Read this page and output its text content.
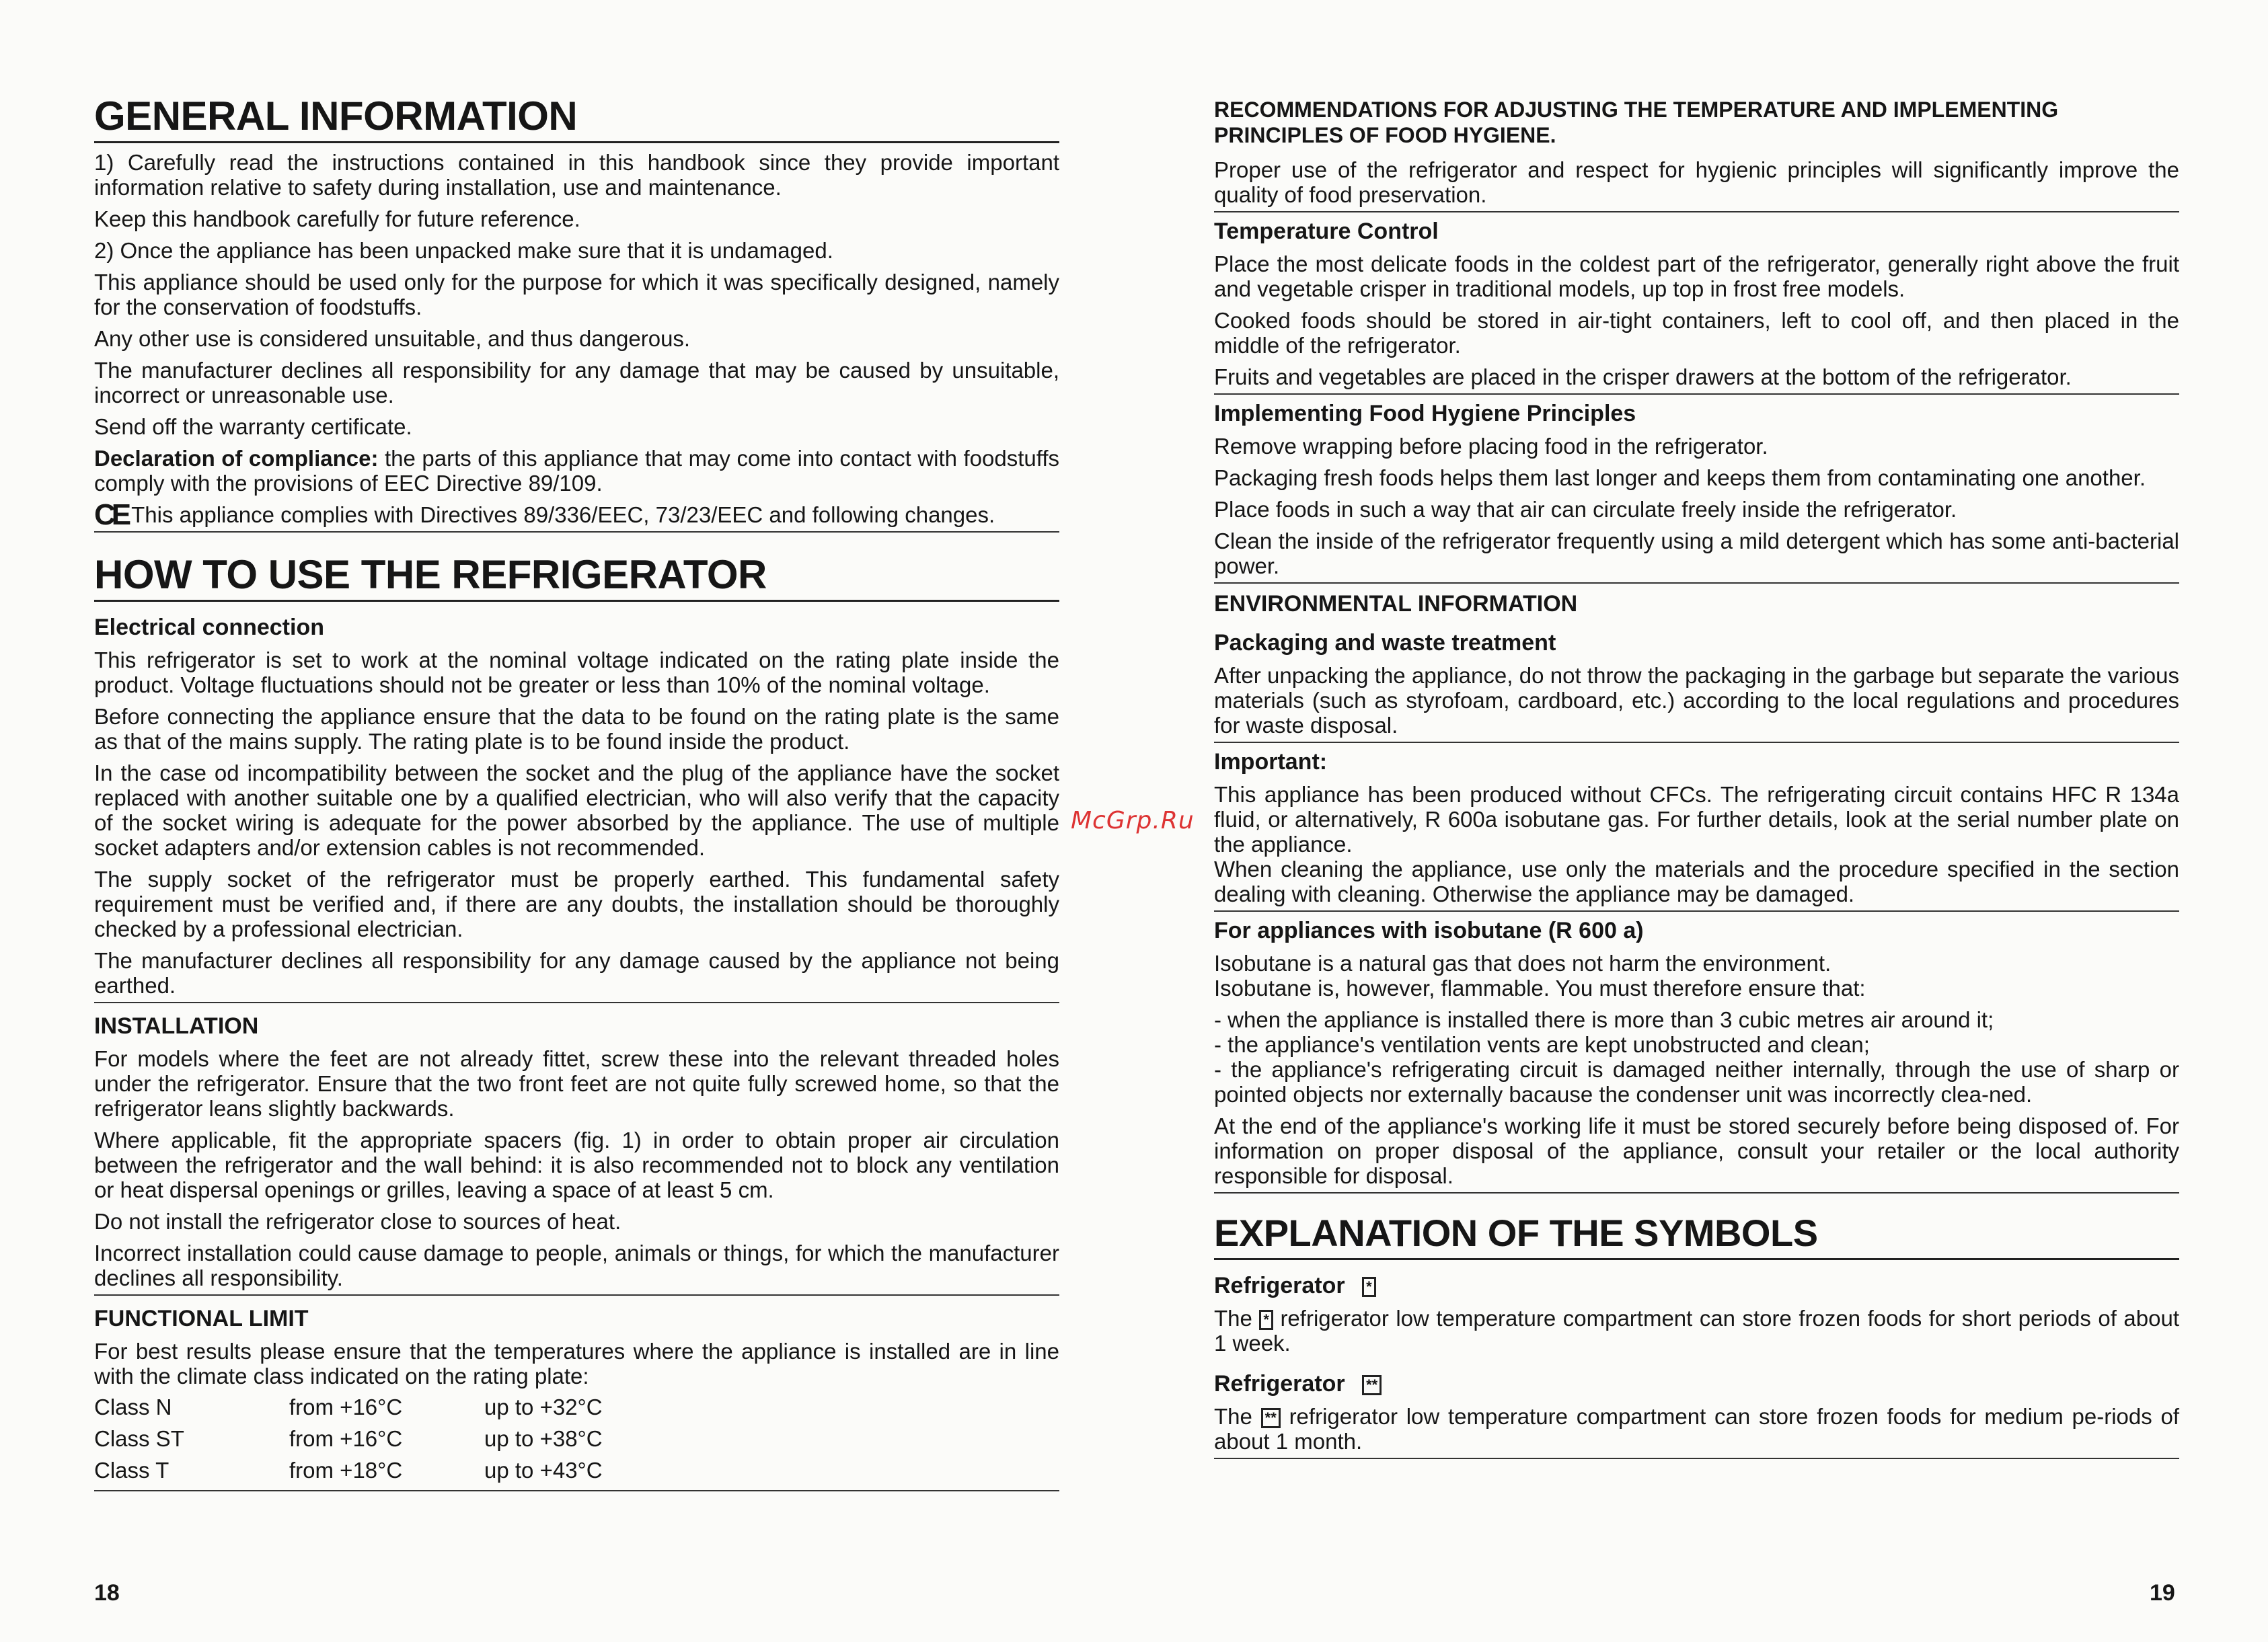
GENERAL INFORMATION

1) Carefully read the instructions contained in this handbook since they provide important information relative to safety during installation, use and maintenance.

Keep this handbook carefully for future reference.

2) Once the appliance has been unpacked make sure that it is undamaged.

This appliance should be used only for the purpose for which it was specifically designed, namely for the conservation of foodstuffs.

Any other use is considered unsuitable, and thus dangerous.

The manufacturer declines all responsibility for any damage that may be caused by unsuitable, incorrect or unreasonable use.

Send off the warranty certificate.

Declaration of compliance: the parts of this appliance that may come into contact with foodstuffs comply with the provisions of EEC Directive 89/109.

CE This appliance complies with Directives 89/336/EEC, 73/23/EEC and following changes.

HOW TO USE THE REFRIGERATOR
Electrical connection

This refrigerator is set to work at the nominal voltage indicated on the rating plate inside the product. Voltage fluctuations should not be greater or less than 10% of the nominal voltage.

Before connecting the appliance ensure that the data to be found on the rating plate is the same as that of the mains supply. The rating plate is to be found inside the product.

In the case od incompatibility between the socket and the plug of the appliance have the socket replaced with another suitable one by a qualified electrician, who will also verify that the capacity of the socket wiring is adequate for the power absorbed by the appliance. The use of multiple socket adapters and/or extension cables is not recommended.

The supply socket of the refrigerator must be properly earthed. This fundamental safety requirement must be verified and, if there are any doubts, the installation should be thoroughly checked by a professional electrician.

The manufacturer declines all responsibility for any damage caused by the appliance not being earthed.

INSTALLATION

For models where the feet are not already fittet, screw these into the relevant threaded holes under the refrigerator. Ensure that the two front feet are not quite fully screwed home, so that the refrigerator leans slightly backwards.

Where applicable, fit the appropriate spacers (fig. 1) in order to obtain proper air circulation between the refrigerator and the wall behind: it is also recommended not to block any ventilation or heat dispersal openings or grilles, leaving a space of at least 5 cm.

Do not install the refrigerator close to sources of heat.

Incorrect installation could cause damage to people, animals or things, for which the manufacturer declines all responsibility.

FUNCTIONAL LIMIT

For best results please ensure that the temperatures where the appliance is installed are in line with the climate class indicated on the rating plate:

Class N	from +16°C	up to +32°C
Class ST	from +16°C	up to +38°C
Class T	from +18°C	up to +43°C
18
McGrp.Ru
RECOMMENDATIONS FOR ADJUSTING THE TEMPERATURE AND IMPLEMENTING PRINCIPLES OF FOOD HYGIENE.

Proper use of the refrigerator and respect for hygienic principles will significantly improve the quality of food preservation.

Temperature Control

Place the most delicate foods in the coldest part of the refrigerator, generally right above the fruit and vegetable crisper in traditional models, up top in frost free models.

Cooked foods should be stored in air-tight containers, left to cool off, and then placed in the middle of the refrigerator.

Fruits and vegetables are placed in the crisper drawers at the bottom of the refrigerator.

Implementing Food Hygiene Principles

Remove wrapping before placing food in the refrigerator.

Packaging fresh foods helps them last longer and keeps them from contaminating one another.

Place foods in such a way that air can circulate freely inside the refrigerator.

Clean the inside of the refrigerator frequently using a mild detergent which has some anti-bacterial power.

ENVIRONMENTAL INFORMATION
Packaging and waste treatment

After unpacking the appliance, do not throw the packaging in the garbage but separate the various materials (such as styrofoam, cardboard, etc.) according to the local regulations and procedures for waste disposal.

Important:

This appliance has been produced without CFCs. The refrigerating circuit contains HFC R 134a fluid, or alternatively, R 600a isobutane gas. For further details, look at the serial number plate on the appliance.

When cleaning the appliance, use only the materials and the procedure specified in the section dealing with cleaning. Otherwise the appliance may be damaged.

For appliances with isobutane (R 600 a)

Isobutane is a natural gas that does not harm the environment.

Isobutane is, however, flammable. You must therefore ensure that:

- when the appliance is installed there is more than 3 cubic metres air around it;

- the appliance's ventilation vents are kept unobstructed and clean;

- the appliance's refrigerating circuit is damaged neither internally, through the use of sharp or pointed objects nor externally bacause the condenser unit was incorrectly clea-ned.

At the end of the appliance's working life it must be stored securely before being disposed of. For information on proper disposal of the appliance, consult your retailer or the local authority responsible for disposal.

EXPLANATION OF THE SYMBOLS
Refrigerator *

The * refrigerator low temperature compartment can store frozen foods for short periods of about 1 week.

Refrigerator **

The ** refrigerator low temperature compartment can store frozen foods for medium pe-riods of about 1 month.

19
